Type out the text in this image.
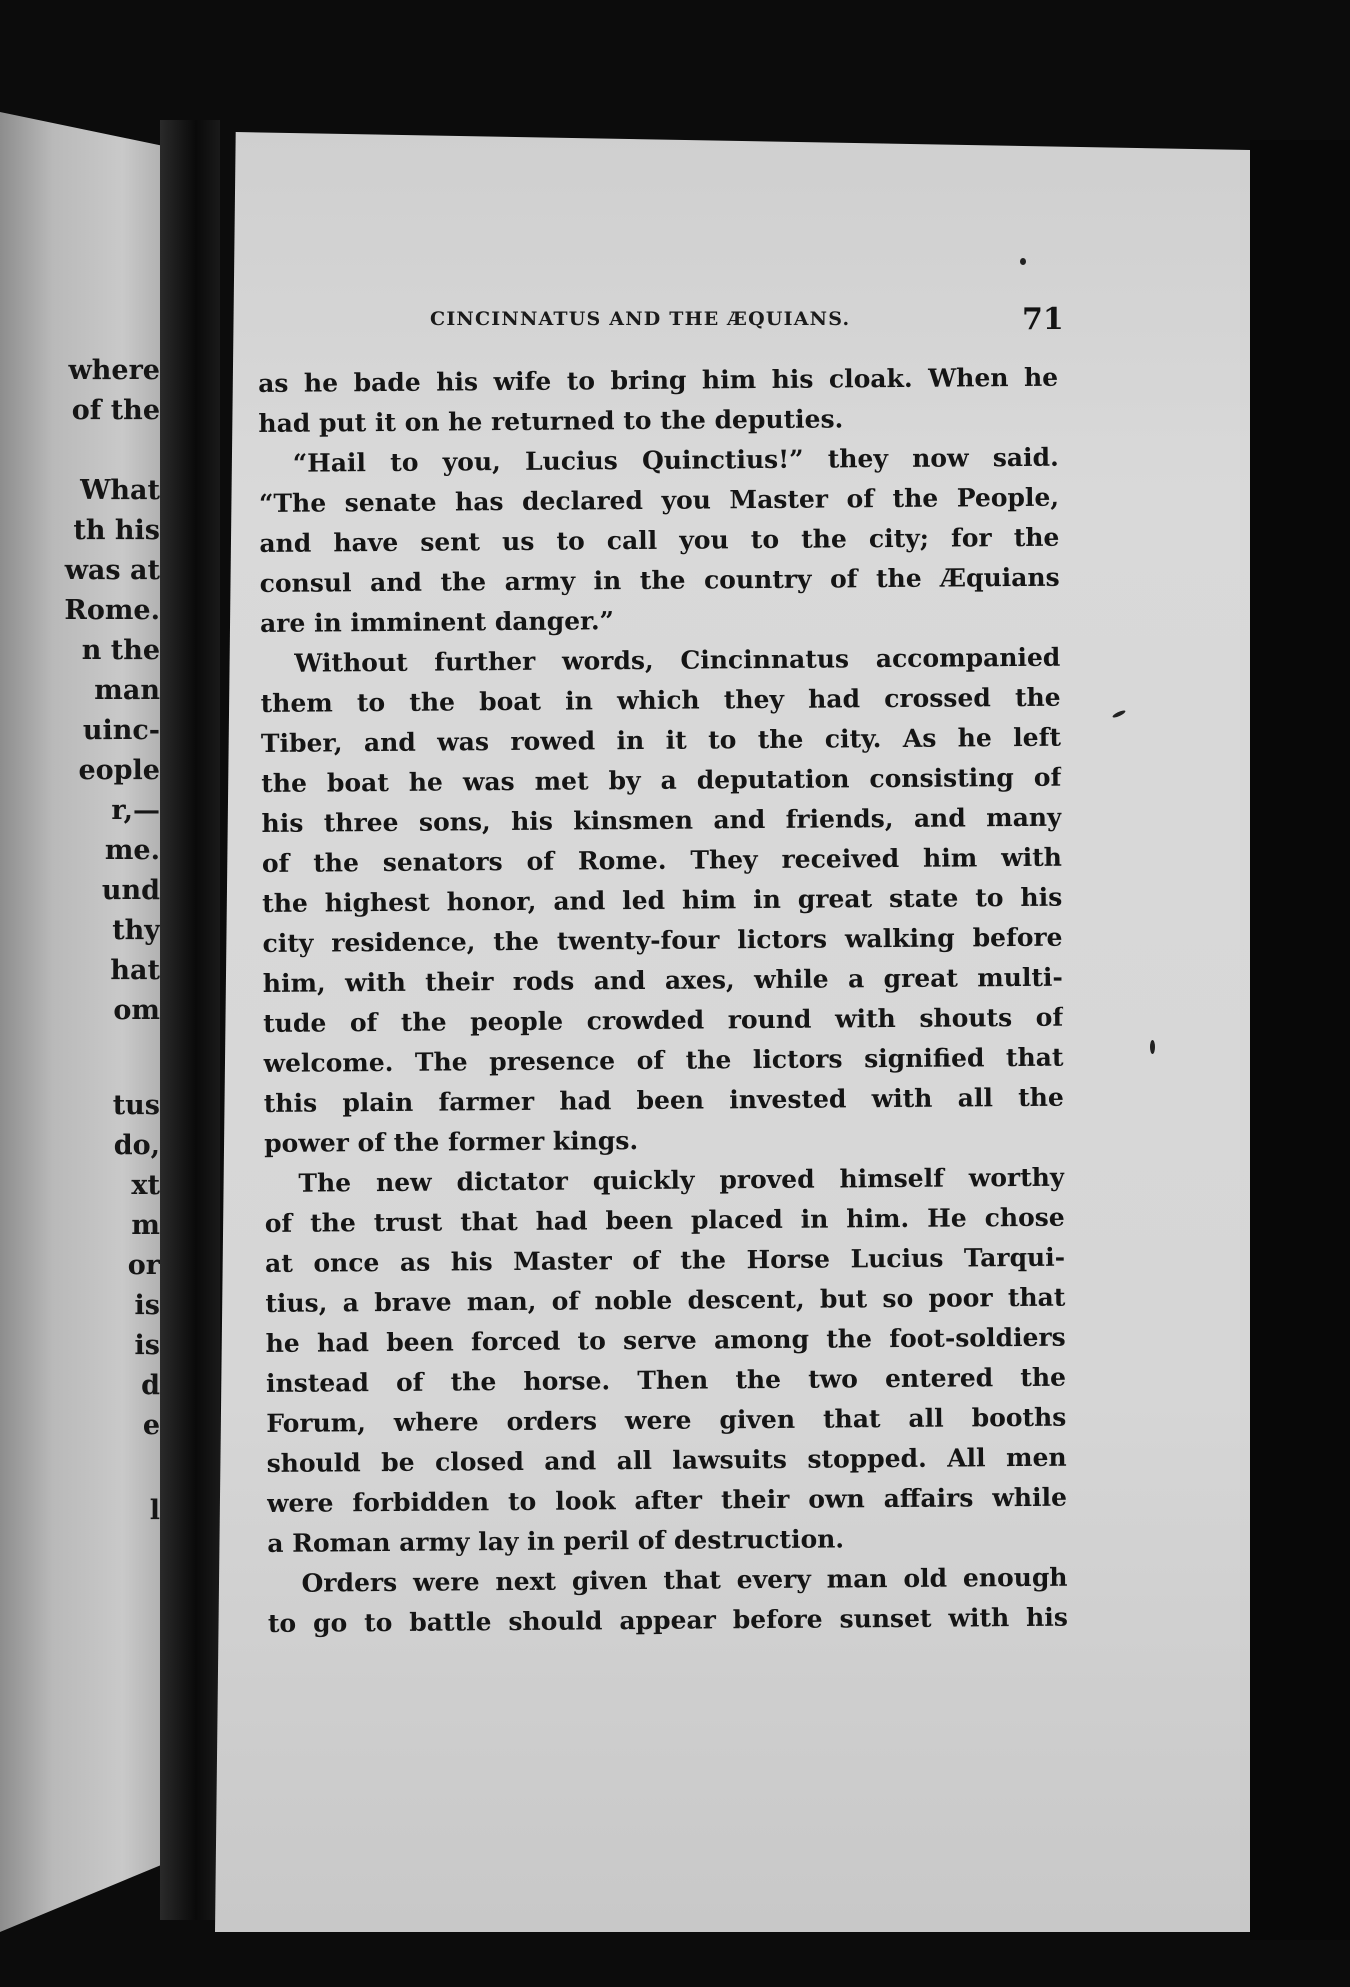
where
of the
What
th his
was at
Rome.
n the
man
uinc-
eople
r,—
me.
und
thy
hat
om
tus
do,
xt
m
or
is
is
d
e
l
CINCINNATUS AND THE ÆQUIANS.	71
as he bade his wife to bring him his cloak. When he
had put it on he returned to the deputies.
“Hail to you, Lucius Quinctius!” they now said.
“The senate has declared you Master of the People,
and have sent us to call you to the city; for the
consul and the army in the country of the Æquians
are in imminent danger.”
Without further words, Cincinnatus accompanied
them to the boat in which they had crossed the
Tiber, and was rowed in it to the city. As he left
the boat he was met by a deputation consisting of
his three sons, his kinsmen and friends, and many
of the senators of Rome. They received him with
the highest honor, and led him in great state to his
city residence, the twenty-four lictors walking before
him, with their rods and axes, while a great multi-
tude of the people crowded round with shouts of
welcome. The presence of the lictors signified that
this plain farmer had been invested with all the
power of the former kings.
The new dictator quickly proved himself worthy
of the trust that had been placed in him. He chose
at once as his Master of the Horse Lucius Tarqui-
tius, a brave man, of noble descent, but so poor that
he had been forced to serve among the foot-soldiers
instead of the horse. Then the two entered the
Forum, where orders were given that all booths
should be closed and all lawsuits stopped. All men
were forbidden to look after their own affairs while
a Roman army lay in peril of destruction.
Orders were next given that every man old enough
to go to battle should appear before sunset with his
